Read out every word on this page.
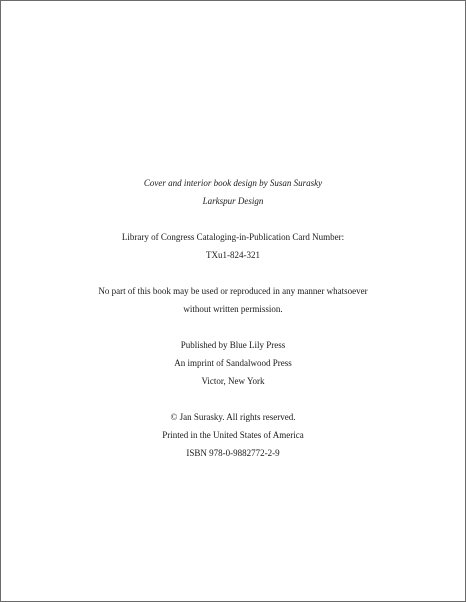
Cover and interior book design by Susan Surasky
Larkspur Design
Library of Congress Cataloging-in-Publication Card Number:
TXu1-824-321
No part of this book may be used or reproduced in any manner whatsoever
without written permission.
Published by Blue Lily Press
An imprint of Sandalwood Press
Victor, New York
© Jan Surasky. All rights reserved.
Printed in the United States of America
ISBN 978-0-9882772-2-9
